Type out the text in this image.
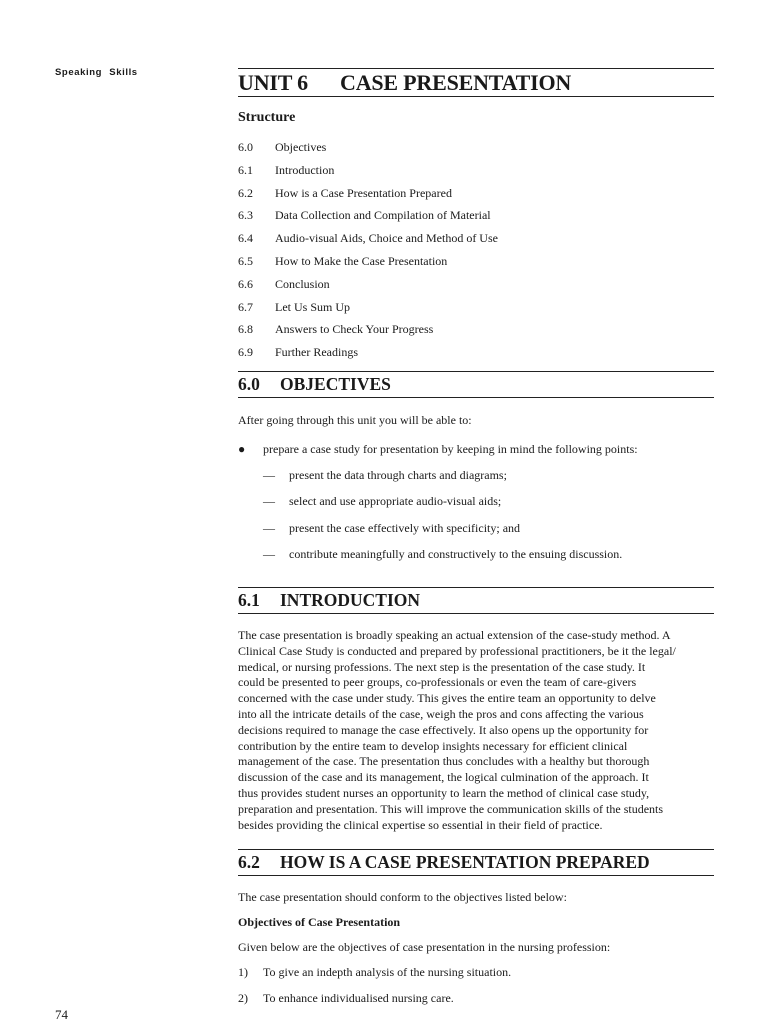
Speaking Skills	UNIT 6 CASE PRESENTATION
Structure
6.0 Objectives
6.1 Introduction
6.2 How is a Case Presentation Prepared
6.3 Data Collection and Compilation of Material
6.4 Audio-visual Aids, Choice and Method of Use
6.5 How to Make the Case Presentation
6.6 Conclusion
6.7 Let Us Sum Up
6.8 Answers to Check Your Progress
6.9 Further Readings
6.0 OBJECTIVES
After going through this unit you will be able to:
● prepare a case study for presentation by keeping in mind the following points:
— present the data through charts and diagrams;
— select and use appropriate audio-visual aids;
— present the case effectively with specificity; and
— contribute meaningfully and constructively to the ensuing discussion.
6.1 INTRODUCTION
The case presentation is broadly speaking an actual extension of the case-study method. A
Clinical Case Study is conducted and prepared by professional practitioners, be it the legal/
medical, or nursing professions. The next step is the presentation of the case study. It
could be presented to peer groups, co-professionals or even the team of care-givers
concerned with the case under study. This gives the entire team an opportunity to delve
into all the intricate details of the case, weigh the pros and cons affecting the various
decisions required to manage the case effectively. It also opens up the opportunity for
contribution by the entire team to develop insights necessary for efficient clinical
management of the case. The presentation thus concludes with a healthy but thorough
discussion of the case and its management, the logical culmination of the approach. It
thus provides student nurses an opportunity to learn the method of clinical case study,
preparation and presentation. This will improve the communication skills of the students
besides providing the clinical expertise so essential in their field of practice.
6.2 HOW IS A CASE PRESENTATION PREPARED
The case presentation should conform to the objectives listed below:
Objectives of Case Presentation
Given below are the objectives of case presentation in the nursing profession:
1) To give an indepth analysis of the nursing situation.
2) To enhance individualised nursing care.
74
